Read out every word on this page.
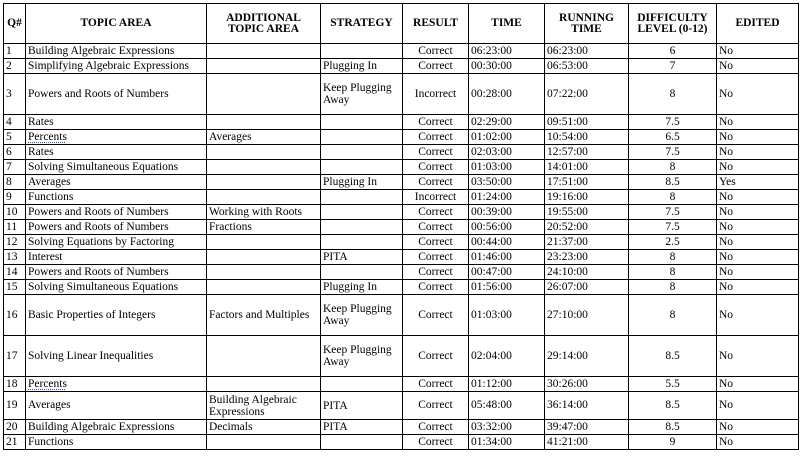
Q#	TOPIC AREA	ADDITIONAL TOPIC AREA	STRATEGY	RESULT	TIME	RUNNING TIME	DIFFICULTY LEVEL (0-12)	EDITED
1	Building Algebraic Expressions			Correct	06:23:00	06:23:00	6	No
2	Simplifying Algebraic Expressions		Plugging In	Correct	00:30:00	06:53:00	7	No
3	Powers and Roots of Numbers		Keep Plugging Away	Incorrect	00:28:00	07:22:00	8	No
4	Rates			Correct	02:29:00	09:51:00	7.5	No
5	Percents	Averages		Correct	01:02:00	10:54:00	6.5	No
6	Rates			Correct	02:03:00	12:57:00	7.5	No
7	Solving Simultaneous Equations			Correct	01:03:00	14:01:00	8	No
8	Averages		Plugging In	Correct	03:50:00	17:51:00	8.5	Yes
9	Functions			Incorrect	01:24:00	19:16:00	8	No
10	Powers and Roots of Numbers	Working with Roots		Correct	00:39:00	19:55:00	7.5	No
11	Powers and Roots of Numbers	Fractions		Correct	00:56:00	20:52:00	7.5	No
12	Solving Equations by Factoring			Correct	00:44:00	21:37:00	2.5	No
13	Interest		PITA	Correct	01:46:00	23:23:00	8	No
14	Powers and Roots of Numbers			Correct	00:47:00	24:10:00	8	No
15	Solving Simultaneous Equations		Plugging In	Correct	01:56:00	26:07:00	8	No
16	Basic Properties of Integers	Factors and Multiples	Keep Plugging Away	Correct	01:03:00	27:10:00	8	No
17	Solving Linear Inequalities		Keep Plugging Away	Correct	02:04:00	29:14:00	8.5	No
18	Percents			Correct	01:12:00	30:26:00	5.5	No
19	Averages	Building Algebraic Expressions	PITA	Correct	05:48:00	36:14:00	8.5	No
20	Building Algebraic Expressions	Decimals	PITA	Correct	03:32:00	39:47:00	8.5	No
21	Functions			Correct	01:34:00	41:21:00	9	No
